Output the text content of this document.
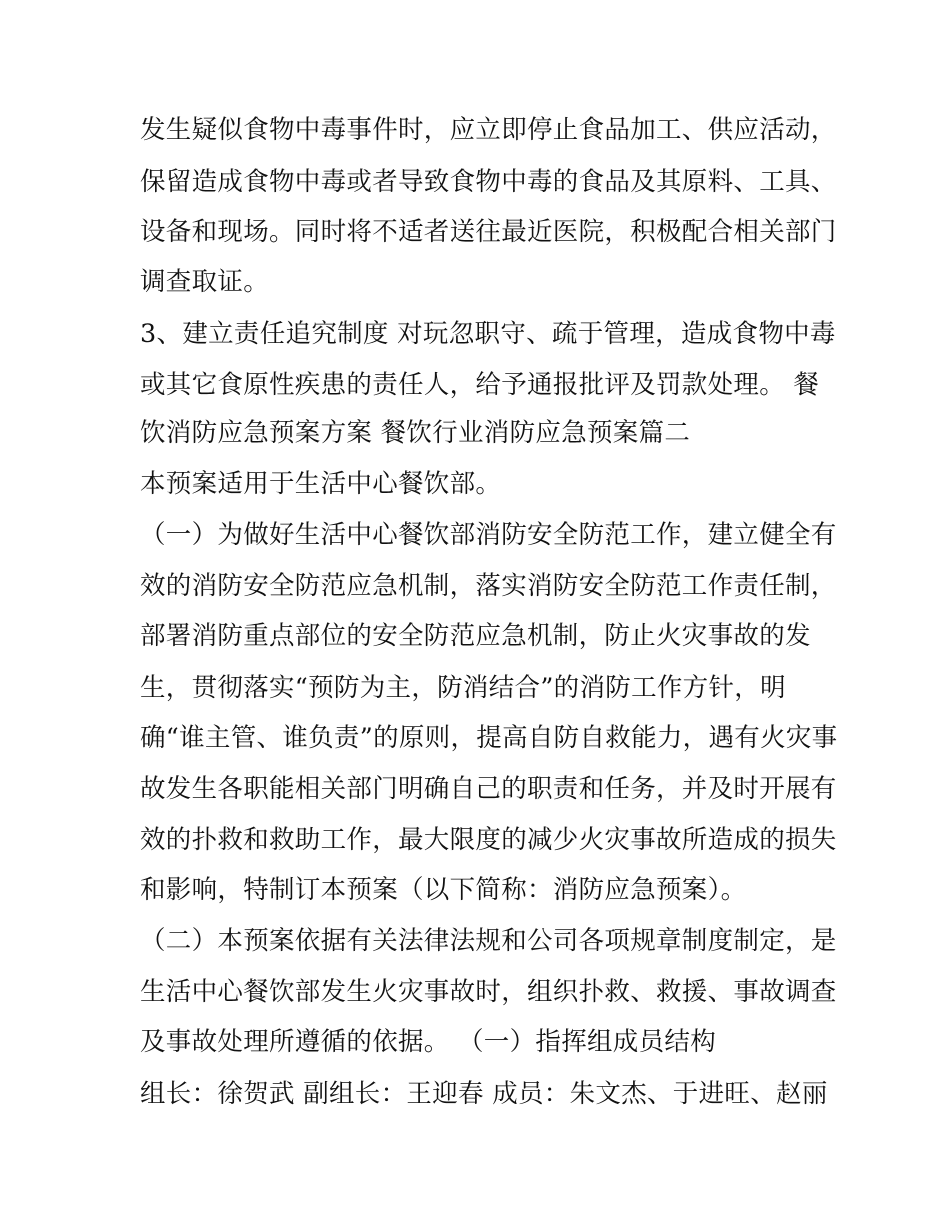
发生疑似食物中毒事件时，应立即停止食品加工、供应活动，
保留造成食物中毒或者导致食物中毒的食品及其原料、工具、
设备和现场。同时将不适者送往最近医院，积极配合相关部门
调查取证。
3、建立责任追究制度 对玩忽职守、疏于管理，造成食物中毒
或其它食原性疾患的责任人，给予通报批评及罚款处理。 餐
饮消防应急预案方案 餐饮行业消防应急预案篇二
本预案适用于生活中心餐饮部。
（一）为做好生活中心餐饮部消防安全防范工作，建立健全有
效的消防安全防范应急机制，落实消防安全防范工作责任制，
部署消防重点部位的安全防范应急机制，防止火灾事故的发
生，贯彻落实“预防为主，防消结合”的消防工作方针，明
确“谁主管、谁负责”的原则，提高自防自救能力，遇有火灾事
故发生各职能相关部门明确自己的职责和任务，并及时开展有
效的扑救和救助工作，最大限度的减少火灾事故所造成的损失
和影响，特制订本预案（以下简称：消防应急预案）。
（二）本预案依据有关法律法规和公司各项规章制度制定，是
生活中心餐饮部发生火灾事故时，组织扑救、救援、事故调查
及事故处理所遵循的依据。 （一）指挥组成员结构
组长：徐贺武 副组长：王迎春 成员：朱文杰、于进旺、赵丽
